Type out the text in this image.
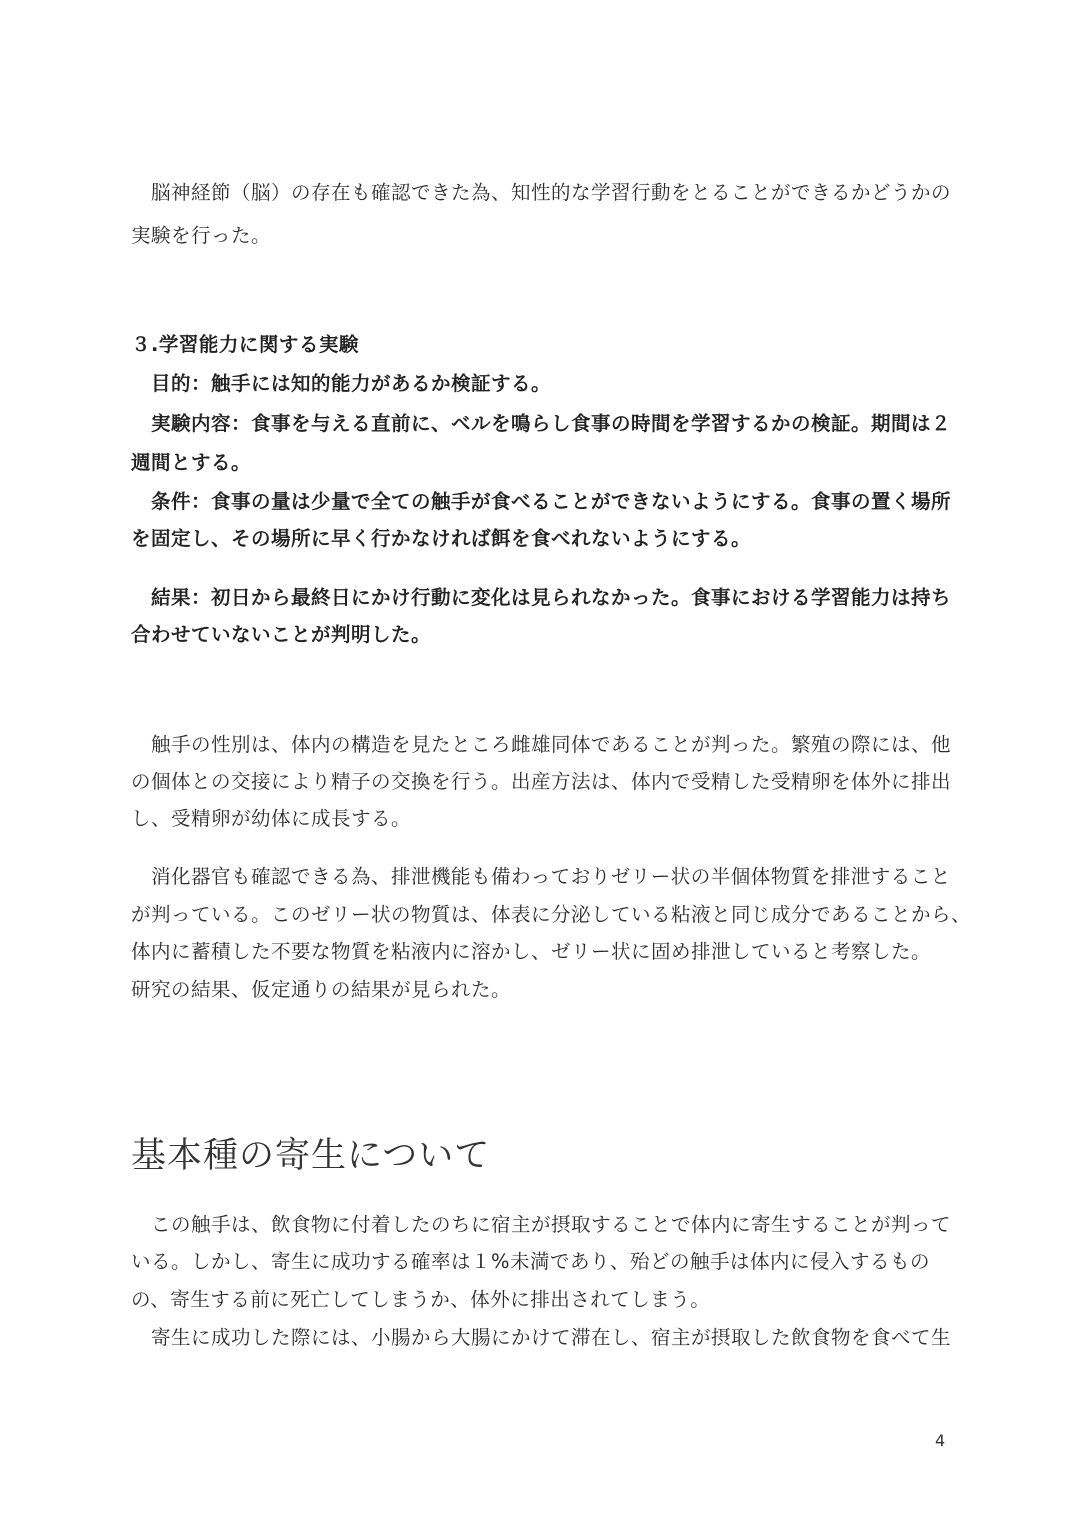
脳神経節（脳）の存在も確認できた為、知性的な学習行動をとることができるかどうかの
実験を行った。
３.学習能力に関する実験
目的：触手には知的能力があるか検証する。
実験内容：食事を与える直前に、ベルを鳴らし食事の時間を学習するかの検証。期間は２
週間とする。
条件：食事の量は少量で全ての触手が食べることができないようにする。食事の置く場所
を固定し、その場所に早く行かなければ餌を食べれないようにする。
結果：初日から最終日にかけ行動に変化は見られなかった。食事における学習能力は持ち
合わせていないことが判明した。
触手の性別は、体内の構造を見たところ雌雄同体であることが判った。繁殖の際には、他
の個体との交接により精子の交換を行う。出産方法は、体内で受精した受精卵を体外に排出
し、受精卵が幼体に成長する。
消化器官も確認できる為、排泄機能も備わっておりゼリー状の半個体物質を排泄すること
が判っている。このゼリー状の物質は、体表に分泌している粘液と同じ成分であることから、
体内に蓄積した不要な物質を粘液内に溶かし、ゼリー状に固め排泄していると考察した。
研究の結果、仮定通りの結果が見られた。
基本種の寄生について
この触手は、飲食物に付着したのちに宿主が摂取することで体内に寄生することが判って
いる。しかし、寄生に成功する確率は１%未満であり、殆どの触手は体内に侵入するもの
の、寄生する前に死亡してしまうか、体外に排出されてしまう。
寄生に成功した際には、小腸から大腸にかけて滞在し、宿主が摂取した飲食物を食べて生
4
